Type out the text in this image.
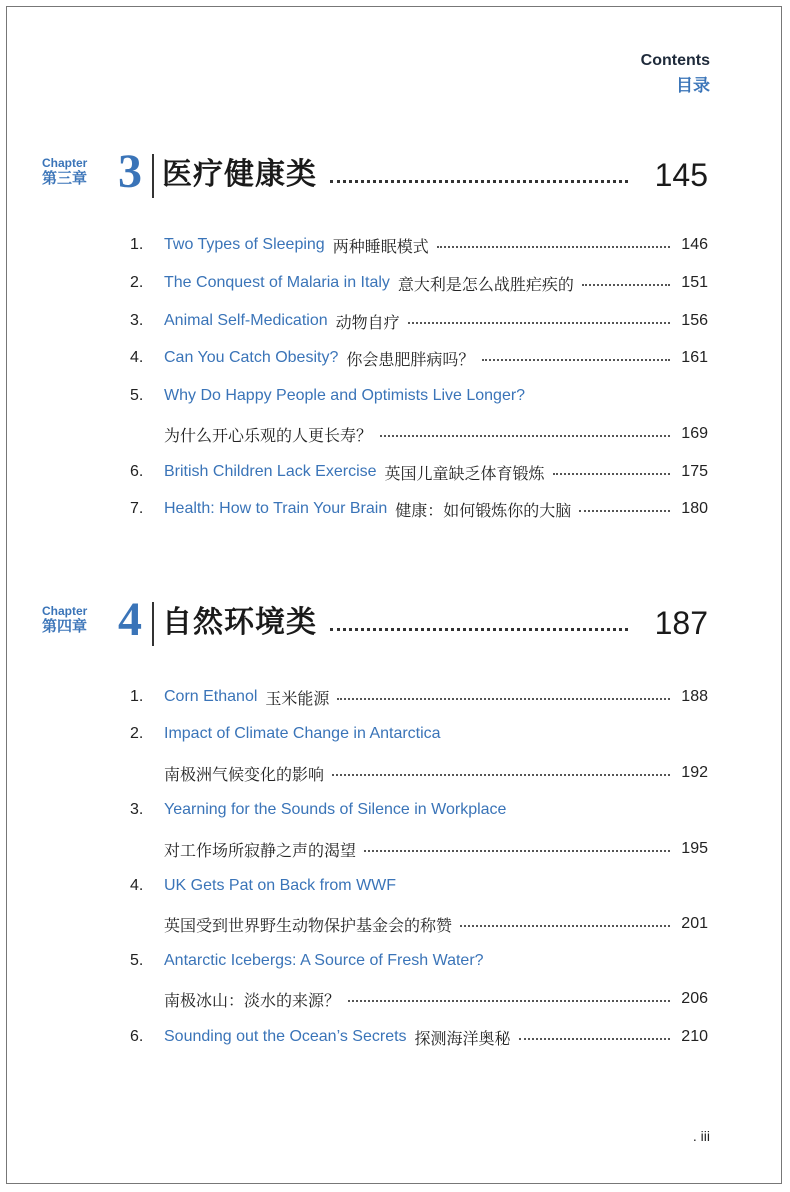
Contents
目录
Chapter
第三章 3 医疗健康类	145
1.	Two Types of Sleeping 两种睡眠模式	146
2.	The Conquest of Malaria in Italy 意大利是怎么战胜疟疾的	151
3.	Animal Self-Medication 动物自疗	156
4.	Can You Catch Obesity? 你会患肥胖病吗？	161
5.	Why Do Happy People and Optimists Live Longer?
为什么开心乐观的人更长寿？	169
6.	British Children Lack Exercise 英国儿童缺乏体育锻炼	175
7.	Health: How to Train Your Brain 健康：如何锻炼你的大脑	180
Chapter
第四章 4 自然环境类	187
1.	Corn Ethanol 玉米能源	188
2.	Impact of Climate Change in Antarctica
南极洲气候变化的影响	192
3.	Yearning for the Sounds of Silence in Workplace
对工作场所寂静之声的渴望	195
4.	UK Gets Pat on Back from WWF
英国受到世界野生动物保护基金会的称赞	201
5.	Antarctic Icebergs: A Source of Fresh Water?
南极冰山：淡水的来源？	206
6.	Sounding out the Ocean’s Secrets 探测海洋奥秘	210
. iii
